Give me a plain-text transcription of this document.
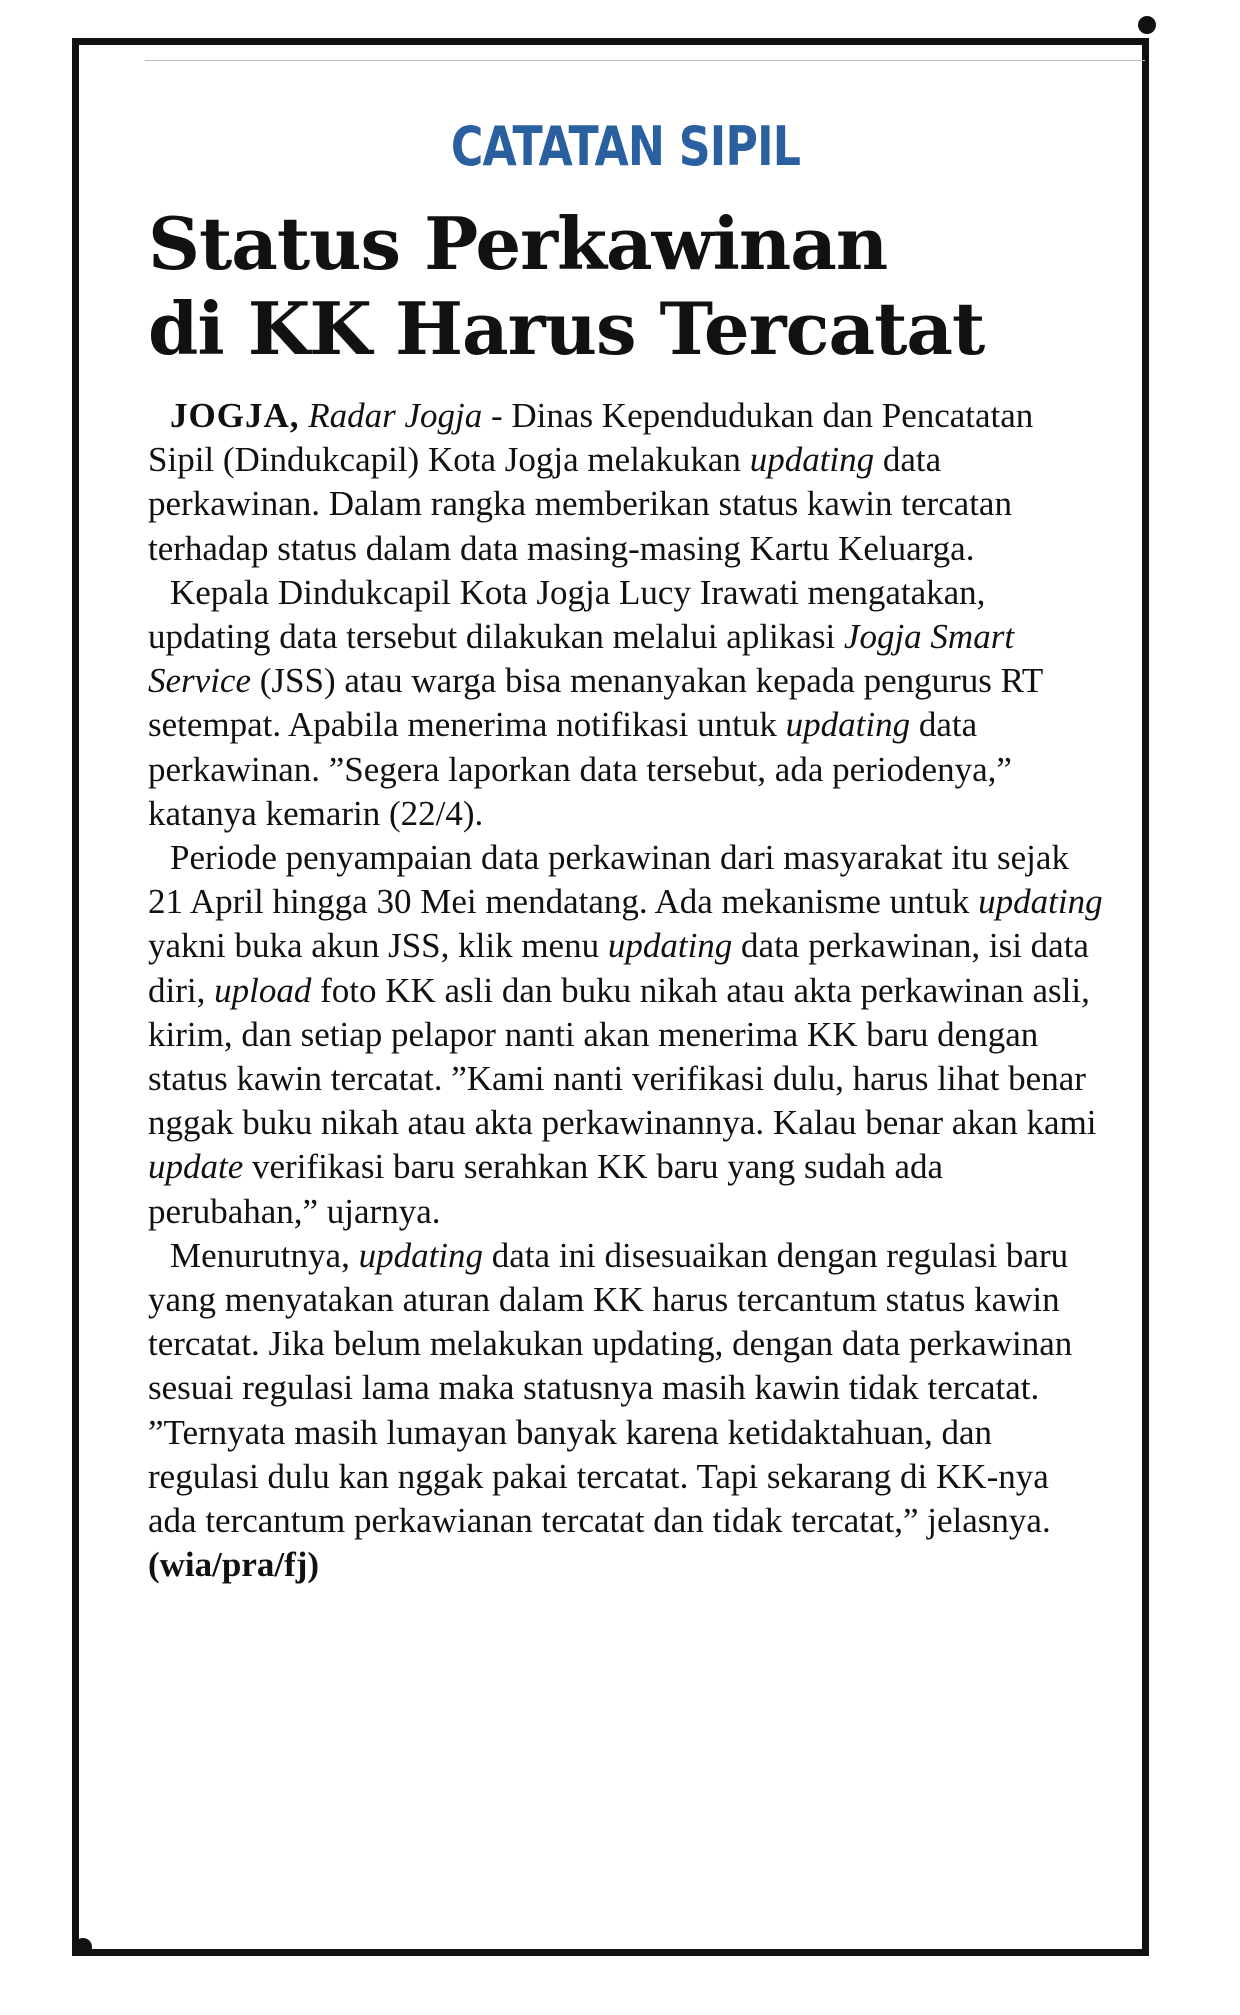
CATATAN SIPIL
Status Perkawinan
di KK Harus Tercatat

JOGJA, Radar Jogja - Dinas Kependudukan dan Pencatatan Sipil (Dindukcapil) Kota Jogja melakukan updating data perkawinan. Dalam rangka memberikan status kawin tercatan terhadap status dalam data masing-masing Kartu Keluarga.

Kepala Dindukcapil Kota Jogja Lucy Irawati mengatakan, updating data tersebut dilakukan melalui aplikasi Jogja Smart Service (JSS) atau warga bisa menanyakan kepada pengurus RT setempat. Apabila menerima notifikasi untuk updating data perkawinan. ”Segera laporkan data tersebut, ada periodenya,” katanya kemarin (22/4).

Periode penyampaian data perkawinan dari masyarakat itu sejak 21 April hingga 30 Mei mendatang. Ada mekanisme untuk updating yakni buka akun JSS, klik menu updating data perkawinan, isi data diri, upload foto KK asli dan buku nikah atau akta perkawinan asli, kirim, dan setiap pelapor nanti akan menerima KK baru dengan status kawin tercatat. ”Kami nanti verifikasi dulu, harus lihat benar nggak buku nikah atau akta perkawinannya. Kalau benar akan kami update verifikasi baru serahkan KK baru yang sudah ada perubahan,” ujarnya.

Menurutnya, updating data ini disesuaikan dengan regulasi baru yang menyatakan aturan dalam KK harus tercantum status kawin tercatat. Jika belum melakukan updating, dengan data perkawinan sesuai regulasi lama maka statusnya masih kawin tidak tercatat. ”Ternyata masih lumayan banyak karena ketidaktahuan, dan regulasi dulu kan nggak pakai tercatat. Tapi sekarang di KK-nya ada tercantum perkawianan tercatat dan tidak tercatat,” jelasnya. (wia/pra/fj)
